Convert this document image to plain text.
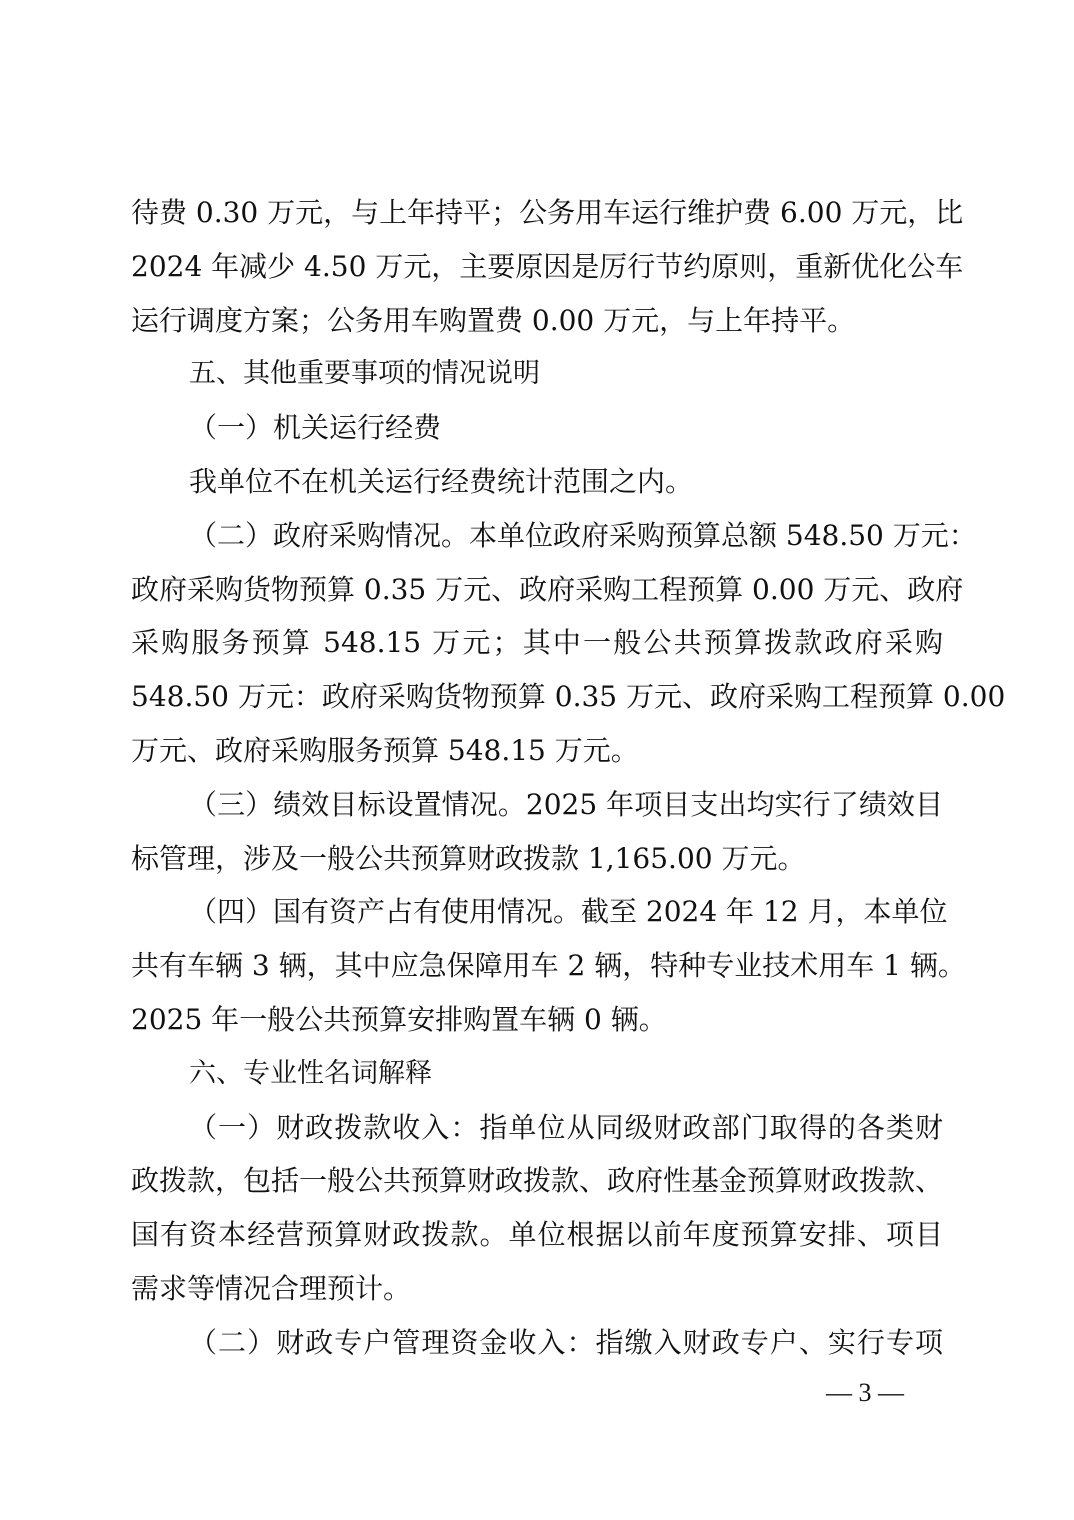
待费 0.30 万元，与上年持平；公务用车运行维护费 6.00 万元，比
2024 年减少 4.50 万元，主要原因是厉行节约原则，重新优化公车
运行调度方案；公务用车购置费 0.00 万元，与上年持平。
五、其他重要事项的情况说明
（一）机关运行经费
我单位不在机关运行经费统计范围之内。
（二）政府采购情况。本单位政府采购预算总额 548.50 万元：
政府采购货物预算 0.35 万元、政府采购工程预算 0.00 万元、政府
采购服务预算 548.15 万元；其中一般公共预算拨款政府采购
548.50 万元：政府采购货物预算 0.35 万元、政府采购工程预算 0.00
万元、政府采购服务预算 548.15 万元。
（三）绩效目标设置情况。2025 年项目支出均实行了绩效目
标管理，涉及一般公共预算财政拨款 1,165.00 万元。
（四）国有资产占有使用情况。截至 2024 年 12 月，本单位
共有车辆 3 辆，其中应急保障用车 2 辆，特种专业技术用车 1 辆。
2025 年一般公共预算安排购置车辆 0 辆。
六、专业性名词解释
（一）财政拨款收入：指单位从同级财政部门取得的各类财
政拨款，包括一般公共预算财政拨款、政府性基金预算财政拨款、
国有资本经营预算财政拨款。单位根据以前年度预算安排、项目
需求等情况合理预计。
（二）财政专户管理资金收入：指缴入财政专户、实行专项
— 3 —
